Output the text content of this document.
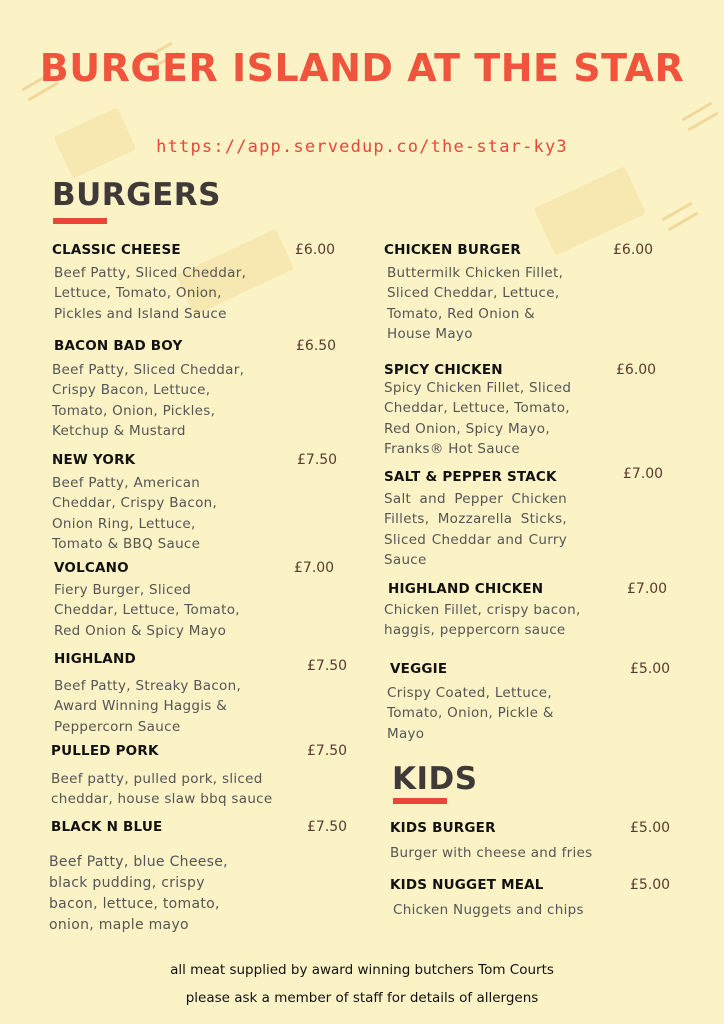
BURGER ISLAND AT THE STAR
https://app.servedup.co/the-star-ky3
BURGERS
CLASSIC CHEESE	£6.00
Beef Patty, Sliced Cheddar, Lettuce, Tomato, Onion, Pickles and Island Sauce
BACON BAD BOY	£6.50
Beef Patty, Sliced Cheddar, Crispy Bacon, Lettuce, Tomato, Onion, Pickles, Ketchup & Mustard
NEW YORK	£7.50
Beef Patty, American Cheddar, Crispy Bacon, Onion Ring, Lettuce, Tomato & BBQ Sauce
VOLCANO	£7.00
Fiery Burger, Sliced Cheddar, Lettuce, Tomato, Red Onion & Spicy Mayo
HIGHLAND	£7.50
Beef Patty, Streaky Bacon, Award Winning Haggis & Peppercorn Sauce
PULLED PORK	£7.50
Beef patty, pulled pork, sliced cheddar, house slaw bbq sauce
BLACK N BLUE	£7.50
Beef Patty, blue Cheese, black pudding, crispy bacon, lettuce, tomato, onion, maple mayo
CHICKEN BURGER	£6.00
Buttermilk Chicken Fillet, Sliced Cheddar, Lettuce, Tomato, Red Onion & House Mayo
SPICY CHICKEN	£6.00
Spicy Chicken Fillet, Sliced Cheddar, Lettuce, Tomato, Red Onion, Spicy Mayo, Franks® Hot Sauce
SALT & PEPPER STACK	£7.00
Salt and Pepper Chicken Fillets, Mozzarella Sticks, Sliced Cheddar and Curry Sauce
HIGHLAND CHICKEN	£7.00
Chicken Fillet, crispy bacon, haggis, peppercorn sauce
VEGGIE	£5.00
Crispy Coated, Lettuce, Tomato, Onion, Pickle & Mayo
KIDS
KIDS BURGER	£5.00
Burger with cheese and fries
KIDS NUGGET MEAL	£5.00
Chicken Nuggets and chips
all meat supplied by award winning butchers Tom Courts
please ask a member of staff for details of allergens
